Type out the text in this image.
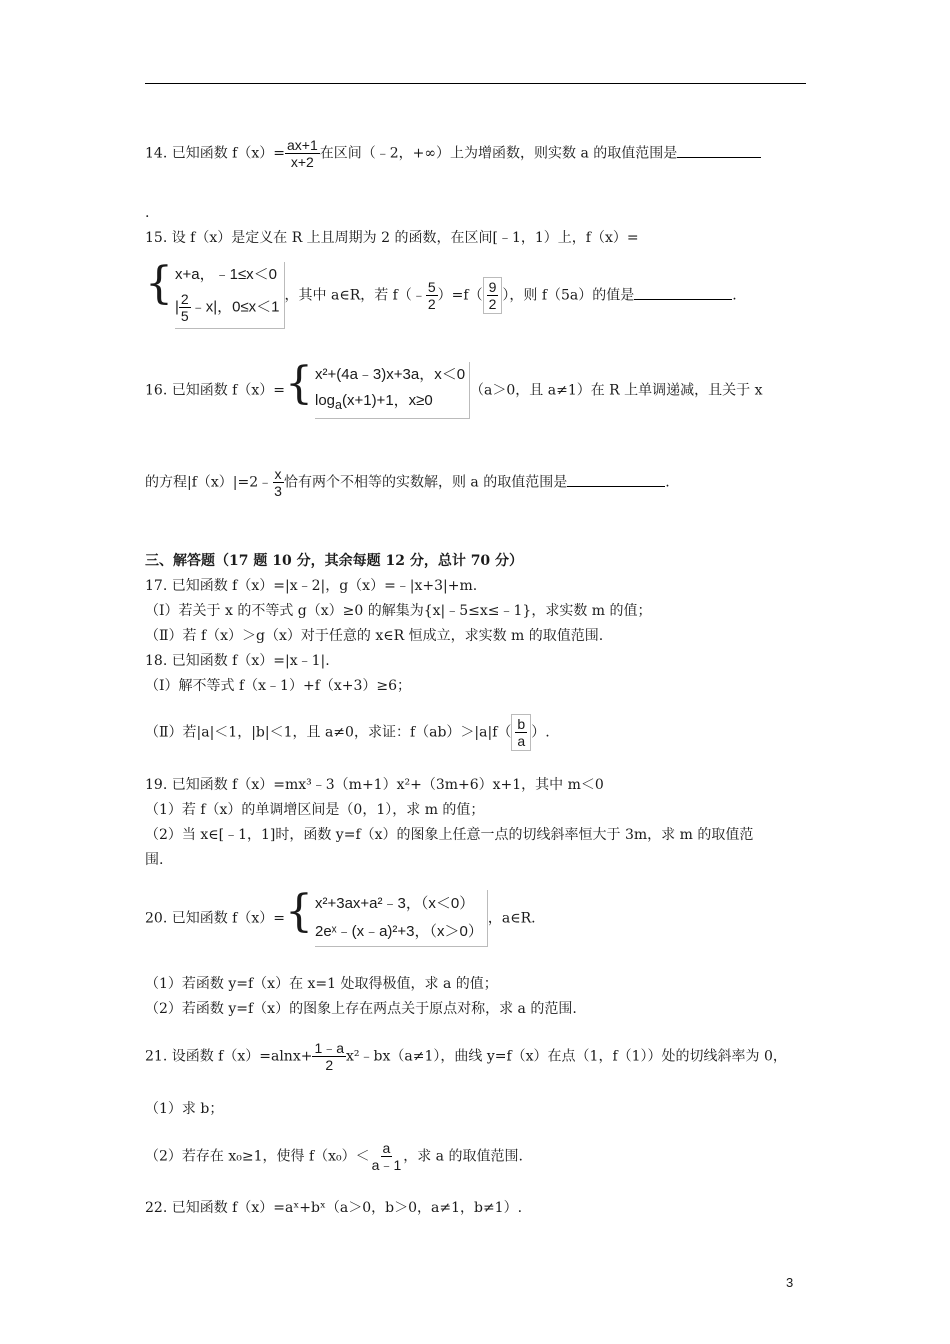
14. 已知函数 $f(x)= \frac{ax+1}{x+2}$ 在区间（﹣2，+∞）上为增函数，则实数 a 的取值范围是
.
15. 设 f（x）是定义在 R 上且周期为 2 的函数，在区间[﹣1，1）上，f（x）=
{ x+a，﹣1≤x＜0
| $\frac{2}{5}$ ﹣x|，0≤x＜1
，其中 a∈R，若 f（﹣ $\frac{5}{2} )=f( \frac{9}{2}$ ），则 f（5a）的值是	.
16. 已知函数 f（x）= { x²+(4a﹣3)x+3a，x＜0
$\log_a(x+1)+1$，x≥0
（a＞0，且 a≠1）在 R 上单调递减，且关于 x
的方程|f（x）|=2﹣ $\frac{x}{3}$ 恰有两个不相等的实数解，则 a 的取值范围是	.
三、解答题（17 题 10 分，其余每题 12 分，总计 70 分）
17. 已知函数 f（x）=|x﹣2|，g（x）=﹣|x+3|+m.
（Ⅰ）若关于 x 的不等式 g（x）≥0 的解集为{x|﹣5≤x≤﹣1}，求实数 m 的值；
（Ⅱ）若 f（x）＞g（x）对于任意的 x∈R 恒成立，求实数 m 的取值范围.
18. 已知函数 f（x）=|x﹣1|.
（Ⅰ）解不等式 f（x﹣1）+f（x+3）≥6；
（Ⅱ）若|a|＜1，|b|＜1，且 a≠0，求证：$f(ab)>|a|f( \frac{b}{a}$ ）.
19. 已知函数 f（x）=mx³﹣3（m+1）x²+（3m+6）x+1，其中 m＜0
（1）若 f（x）的单调增区间是（0，1），求 m 的值；
（2）当 x∈[﹣1，1]时，函数 y=f（x）的图象上任意一点的切线斜率恒大于 3m，求 m 的取值范
围.
20. 已知函数 f（x）= { x²+3ax+a²﹣3，（x＜0）
2eˣ﹣(x﹣a)²+3，（x＞0）
，a∈R.
（1）若函数 y=f（x）在 x=1 处取得极值，求 a 的值；
（2）若函数 y=f（x）的图象上存在两点关于原点对称，求 a 的范围.
21. 设函数 $f(x)=alnx+ \frac{1﹣a}{2}$ x²﹣bx（a≠1），曲线 y=f（x）在点（1，f（1））处的切线斜率为 0，
（1）求 b；
（2）若存在 x₀≥1，使得 $f(x_0)< \frac{a}{a﹣1}$ ，求 a 的取值范围.
22. 已知函数 f（x）=aˣ+bˣ（a＞0，b＞0，a≠1，b≠1）.
3
